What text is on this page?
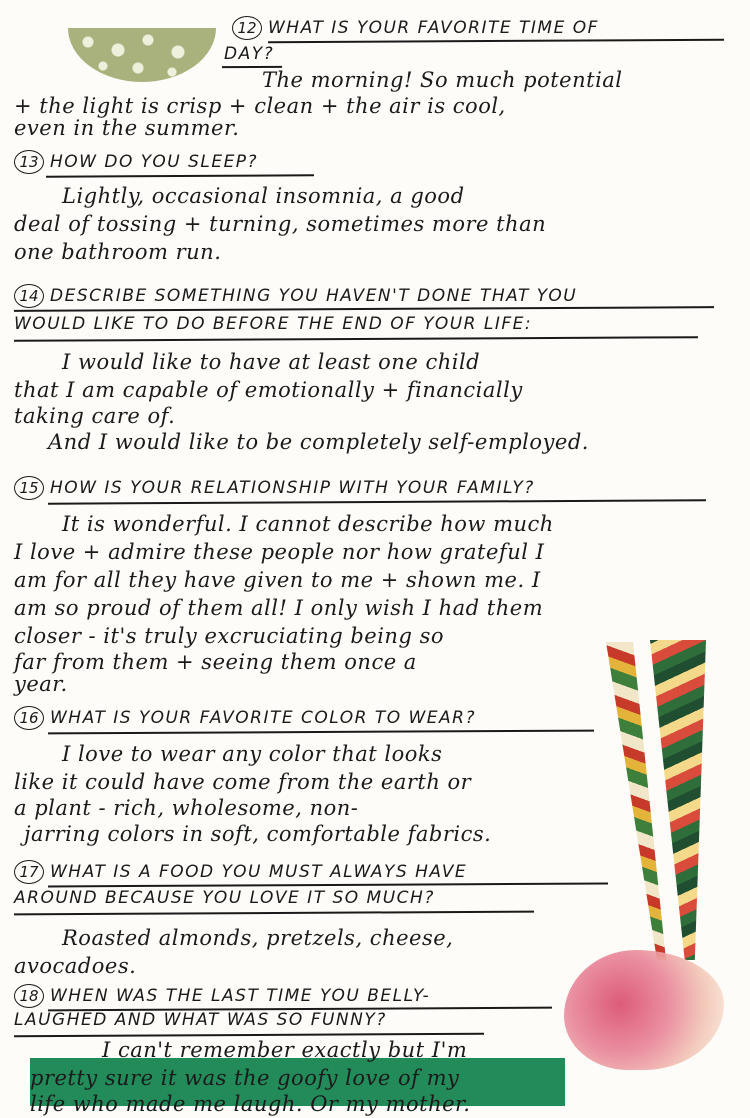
12 WHAT IS YOUR FAVORITE TIME OF
DAY?
The morning! So much potential
+ the light is crisp + clean + the air is cool,
even in the summer.
13 HOW DO YOU SLEEP?
Lightly, occasional insomnia, a good
deal of tossing + turning, sometimes more than
one bathroom run.
14 DESCRIBE SOMETHING YOU HAVEN'T DONE THAT YOU
WOULD LIKE TO DO BEFORE THE END OF YOUR LIFE:
I would like to have at least one child
that I am capable of emotionally + financially
taking care of.
And I would like to be completely self-employed.
15 HOW IS YOUR RELATIONSHIP WITH YOUR FAMILY?
It is wonderful. I cannot describe how much
I love + admire these people nor how grateful I
am for all they have given to me + shown me. I
am so proud of them all! I only wish I had them
closer - it's truly excruciating being so
far from them + seeing them once a
year.
16 WHAT IS YOUR FAVORITE COLOR TO WEAR?
I love to wear any color that looks
like it could have come from the earth or
a plant - rich, wholesome, non-
jarring colors in soft, comfortable fabrics.
17 WHAT IS A FOOD YOU MUST ALWAYS HAVE
AROUND BECAUSE YOU LOVE IT SO MUCH?
Roasted almonds, pretzels, cheese,
avocadoes.
18 WHEN WAS THE LAST TIME YOU BELLY-
LAUGHED AND WHAT WAS SO FUNNY?
I can't remember exactly but I'm
pretty sure it was the goofy love of my
life who made me laugh. Or my mother.
